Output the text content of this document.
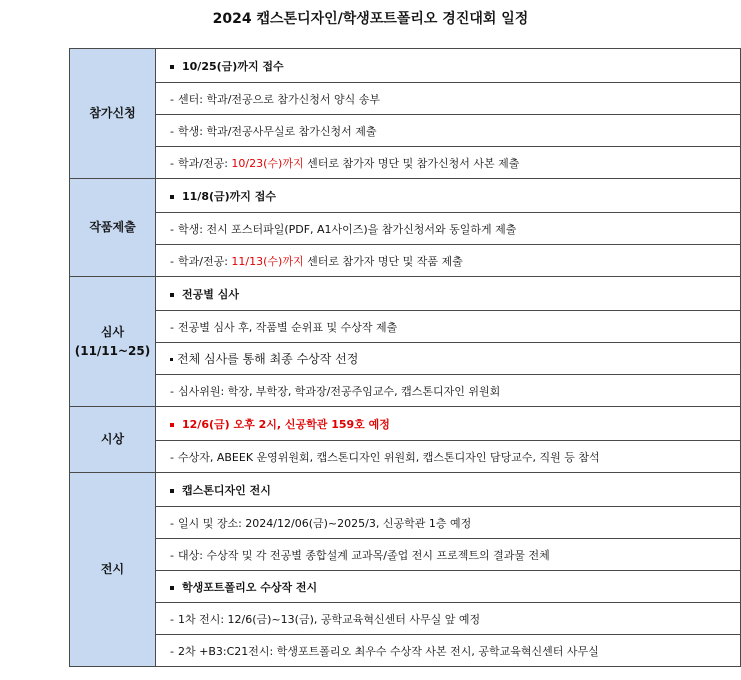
2024 캡스톤디자인/학생포트폴리오 경진대회 일정
참가신청	10/25(금)까지 접수
	- 센터: 학과/전공으로 참가신청서 양식 송부
	- 학생: 학과/전공사무실로 참가신청서 제출
	- 학과/전공: 10/23(수)까지 센터로 참가자 명단 및 참가신청서 사본 제출
작품제출	11/8(금)까지 접수
	- 학생: 전시 포스터파일(PDF, A1사이즈)을 참가신청서와 동일하게 제출
	- 학과/전공: 11/13(수)까지 센터로 참가자 명단 및 작품 제출
심사
(11/11~25)	전공별 심사
	- 전공별 심사 후, 작품별 순위표 및 수상작 제출
	전체 심사를 통해 최종 수상작 선정
	- 심사위원: 학장, 부학장, 학과장/전공주임교수, 캡스톤디자인 위원회
시상	12/6(금) 오후 2시, 신공학관 159호 예정
	- 수상자, ABEEK 운영위원회, 캡스톤디자인 위원회, 캡스톤디자인 담당교수, 직원 등 참석
전시	캡스톤디자인 전시
	- 일시 및 장소: 2024/12/06(금)~2025/3, 신공학관 1층 예정
	- 대상: 수상작 및 각 전공별 종합설계 교과목/졸업 전시 프로젝트의 결과물 전체
	학생포트폴리오 수상작 전시
	- 1차 전시: 12/6(금)~13(금), 공학교육혁신센터 사무실 앞 예정
	- 2차 +B3:C21전시: 학생포트폴리오 최우수 수상작 사본 전시, 공학교육혁신센터 사무실
